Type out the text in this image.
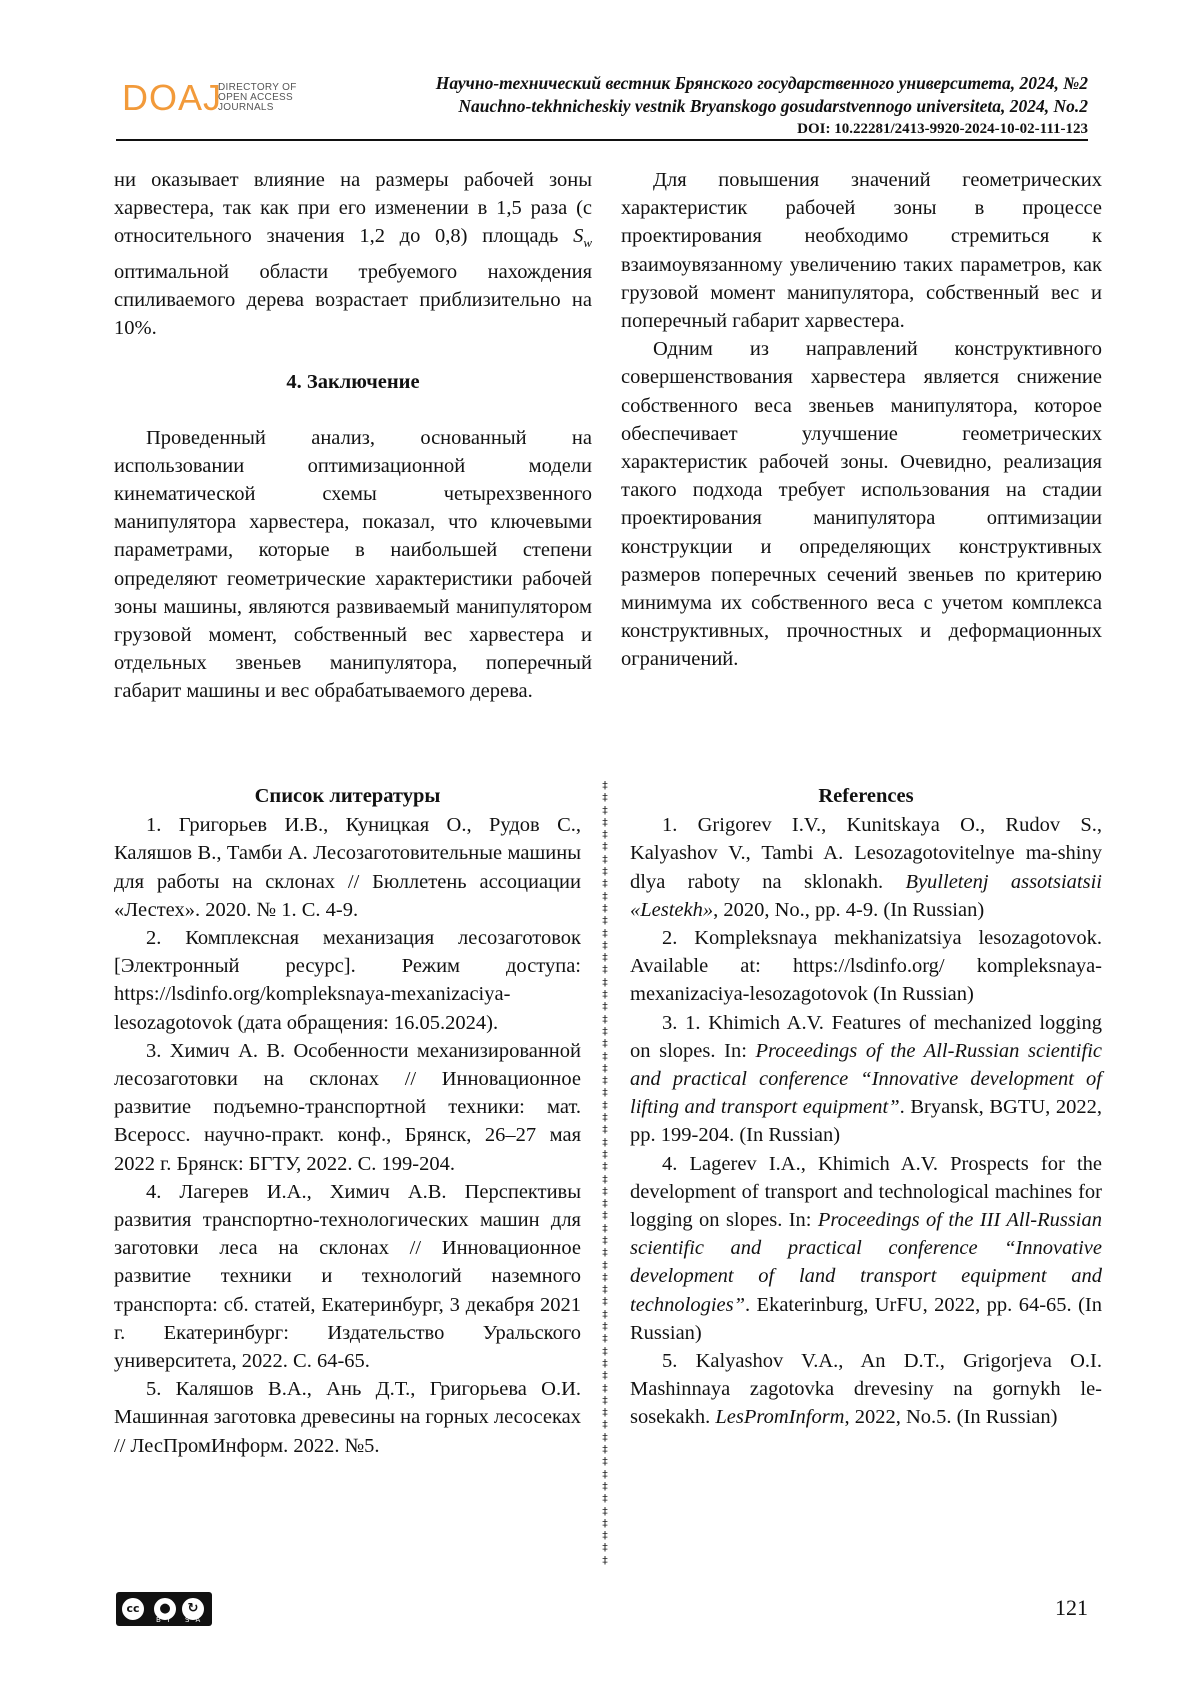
DOAJ
DIRECTORY OF
OPEN ACCESS
JOURNALS
Научно-технический вестник Брянского государственного университета, 2024, №2
Nauchno-tekhnicheskiy vestnik Bryanskogo gosudarstvennogo universiteta, 2024, No.2
DOI: 10.22281/2413-9920-2024-10-02-111-123

ни оказывает влияние на размеры рабочей зоны харвестера, так как при его изменении в 1,5 раза (с относительного значения 1,2 до 0,8) площадь $S_w$ оптимальной области требуемого нахождения спиливаемого дерева возрастает приблизительно на 10%.

4. Заключение

Проведенный анализ, основанный на использовании оптимизационной модели кинематической схемы четырехзвенного манипулятора харвестера, показал, что ключевыми параметрами, которые в наибольшей степени определяют геометрические характеристики рабочей зоны машины, являются развиваемый манипулятором грузовой момент, собственный вес харвестера и отдельных звеньев манипулятора, поперечный габарит машины и вес обрабатываемого дерева.

Для повышения значений геометрических характеристик рабочей зоны в процессе проектирования необходимо стремиться к взаимоувязанному увеличению таких параметров, как грузовой момент манипулятора, собственный вес и поперечный габарит харвестера.

Одним из направлений конструктивного совершенствования харвестера является снижение собственного веса звеньев манипулятора, которое обеспечивает улучшение геометрических характеристик рабочей зоны. Очевидно, реализация такого подхода требует использования на стадии проектирования манипулятора оптимизации конструкции и определяющих конструктивных размеров поперечных сечений звеньев по критерию минимума их собственного веса с учетом комплекса конструктивных, прочностных и деформационных ограничений.

Список литературы

1. Григорьев И.В., Куницкая О., Рудов С., Каляшов В., Тамби А. Лесозаготовительные машины для работы на склонах // Бюллетень ассоциации «Лестех». 2020. № 1. С. 4-9.

2. Комплексная механизация лесозаготовок [Электронный ресурс]. Режим доступа: https://lsdinfo.org/kompleksnaya-mexanizaciya-lesozagotovok (дата обращения: 16.05.2024).

3. Химич А. В. Особенности механизированной лесозаготовки на склонах // Инновационное развитие подъемно-транспортной техники: мат. Всеросс. научно-практ. конф., Брянск, 26–27 мая 2022 г. Брянск: БГТУ, 2022. С. 199-204.

4. Лагерев И.А., Химич А.В. Перспективы развития транспортно-технологических машин для заготовки леса на склонах // Инновационное развитие техники и технологий наземного транспорта: сб. статей, Екатеринбург, 3 декабря 2021 г. Екатеринбург: Издательство Уральского университета, 2022. С. 64-65.

5. Каляшов В.А., Ань Д.Т., Григорьева О.И. Машинная заготовка древесины на горных лесосеках // ЛесПромИнформ. 2022. №5.

‡
‡
‡
‡
‡
‡
‡
‡
‡
‡
‡
‡
‡
‡
‡
‡
‡
‡
‡
‡
‡
‡
‡
‡
‡
‡
‡
‡
‡
‡
‡
‡
‡
‡
‡
‡
‡
‡
‡
‡
‡
‡
‡
‡
‡
‡
‡
‡
‡
‡
‡
‡
‡
‡
‡
‡
‡
‡
‡
‡
‡
‡
‡
‡

References

1. Grigorev I.V., Kunitskaya O., Rudov S., Kalyashov V., Tambi A. Lesozagotovitelnye ma-shiny dlya raboty na sklonakh. Byulletenj assotsiatsii «Lestekh», 2020, No., pp. 4-9. (In Russian)

2. Kompleksnaya mekhanizatsiya lesozagotovok. Available at: https://lsdinfo.org/ kompleksnaya-mexanizaciya-lesozagotovok (In Russian)

3. 1. Khimich A.V. Features of mechanized logging on slopes. In: Proceedings of the All-Russian scientific and practical conference “Innovative development of lifting and transport equipment”. Bryansk, BGTU, 2022, pp. 199-204. (In Russian)

4. Lagerev I.A., Khimich A.V. Prospects for the development of transport and technological machines for logging on slopes. In: Proceedings of the III All-Russian scientific and practical conference “Innovative development of land transport equipment and technologies”. Ekaterinburg, UrFU, 2022, pp. 64-65. (In Russian)

5. Kalyashov V.A., An D.T., Grigorjeva O.I. Mashinnaya zagotovka drevesiny na gornykh le-sosekakh. LesPromInform, 2022, No.5. (In Russian)

cc	●	↻
BY SA	121
